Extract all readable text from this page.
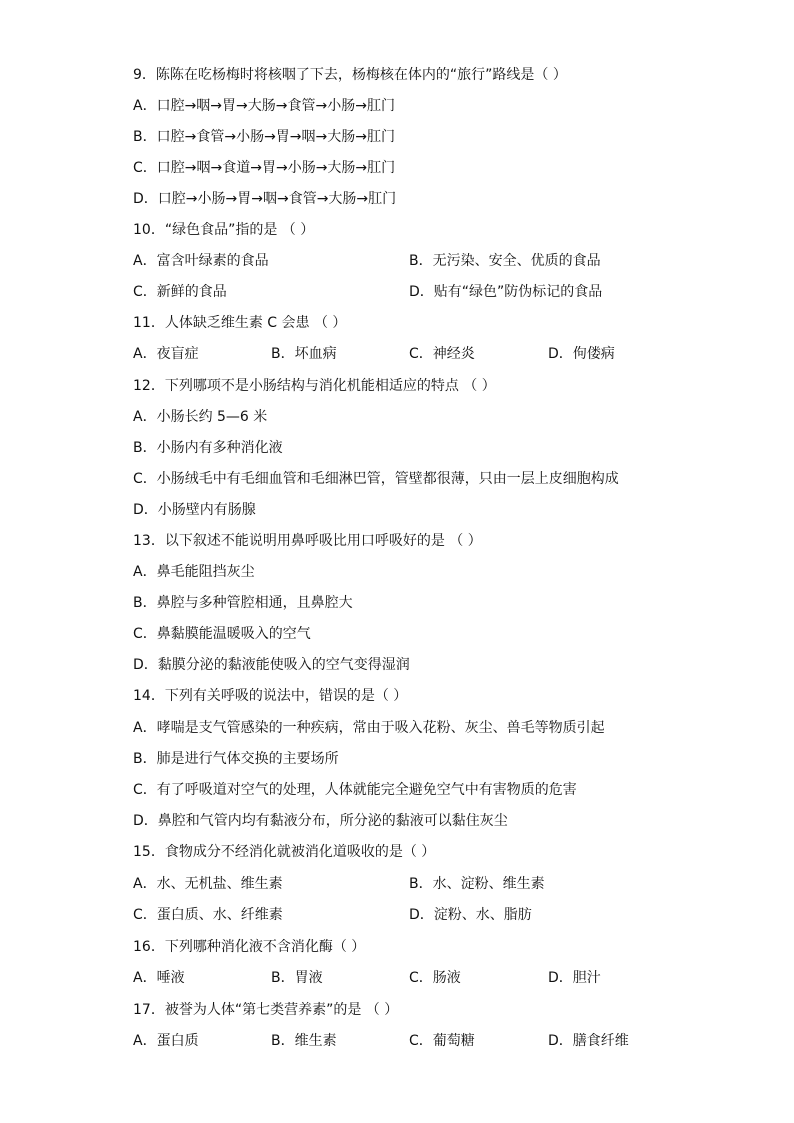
9．陈陈在吃杨梅时将核咽了下去，杨梅核在体内的“旅行”路线是（ ）
A．口腔→咽→胃→大肠→食管→小肠→肛门
B．口腔→食管→小肠→胃→咽→大肠→肛门
C．口腔→咽→食道→胃→小肠→大肠→肛门
D．口腔→小肠→胃→咽→食管→大肠→肛门
10．“绿色食品”指的是 （ ）
A．富含叶绿素的食品	B．无污染、安全、优质的食品
C．新鲜的食品	D．贴有“绿色”防伪标记的食品
11．人体缺乏维生素 C 会患 （ ）
A．夜盲症	B．坏血病	C．神经炎	D．佝偻病
12．下列哪项不是小肠结构与消化机能相适应的特点 （ ）
A．小肠长约 5—6 米
B．小肠内有多种消化液
C．小肠绒毛中有毛细血管和毛细淋巴管，管壁都很薄，只由一层上皮细胞构成
D．小肠壁内有肠腺
13．以下叙述不能说明用鼻呼吸比用口呼吸好的是 （ ）
A．鼻毛能阻挡灰尘
B．鼻腔与多种管腔相通，且鼻腔大
C．鼻黏膜能温暖吸入的空气
D．黏膜分泌的黏液能使吸入的空气变得湿润
14．下列有关呼吸的说法中，错误的是（ ）
A．哮喘是支气管感染的一种疾病，常由于吸入花粉、灰尘、兽毛等物质引起
B．肺是进行气体交换的主要场所
C．有了呼吸道对空气的处理，人体就能完全避免空气中有害物质的危害
D．鼻腔和气管内均有黏液分布，所分泌的黏液可以黏住灰尘
15．食物成分不经消化就被消化道吸收的是（ ）
A．水、无机盐、维生素	B．水、淀粉、维生素
C．蛋白质、水、纤维素	D．淀粉、水、脂肪
16．下列哪种消化液不含消化酶（ ）
A．唾液	B．胃液	C．肠液	D．胆汁
17．被誉为人体“第七类营养素”的是 （ ）
A．蛋白质	B．维生素	C．葡萄糖	D．膳食纤维
